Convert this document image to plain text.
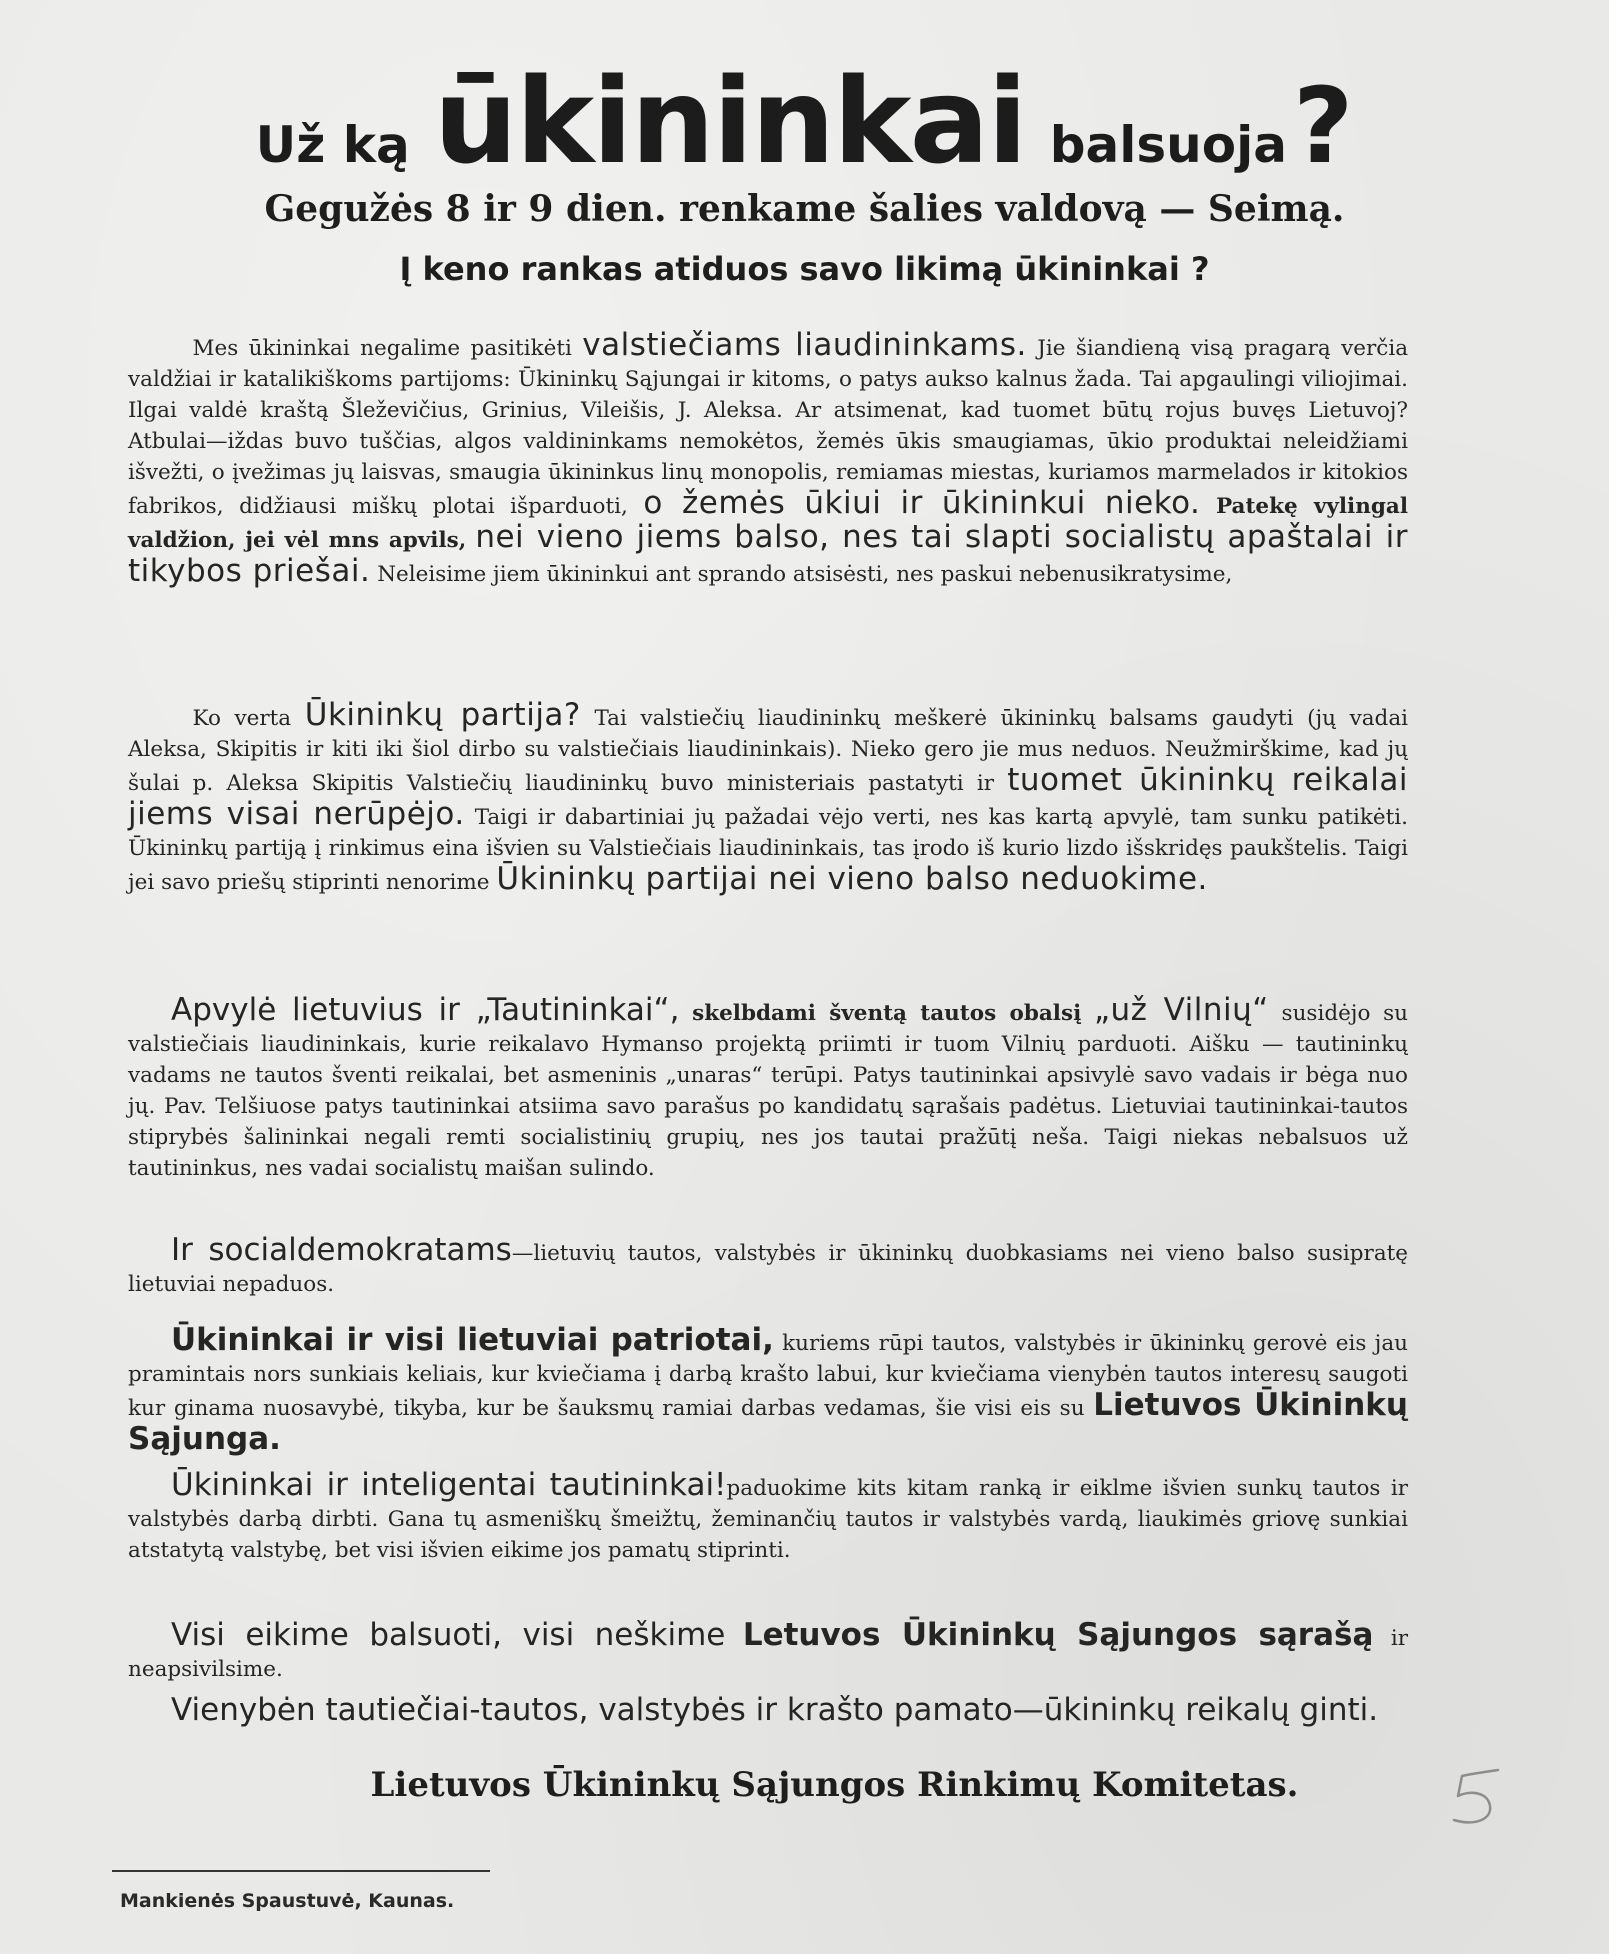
Už ką ūkininkai balsuoja?
Gegužės 8 ir 9 dien. renkame šalies valdovą — Seimą.
Į keno rankas atiduos savo likimą ūkininkai ?
   Mes ūkininkai negalime pasitikėti valstiečiams liaudininkams. Jie šiandieną visą pragarą verčia valdžiai ir katalikiškoms partijoms: Ūkininkų Sąjungai ir kitoms, o patys aukso kalnus žada. Tai apgaulingi viliojimai. Ilgai valdė kraštą Šleževičius, Grinius, Vileišis, J. Aleksa. Ar atsimenat, kad tuomet būtų rojus buvęs Lietuvoj? Atbulai—iždas buvo tuščias, algos valdininkams nemokėtos, žemės ūkis smaugiamas, ūkio produktai neleidžiami išvežti, o įvežimas jų laisvas, smaugia ūkininkus linų monopolis, remiamas miestas, kuriamos marmelados ir kitokios fabrikos, didžiausi miškų plotai išparduoti, o žemės ūkiui ir ūkininkui nieko. Patekę vylingal valdžion, jei vėl mns apvils, nei vieno jiems balso, nes tai slapti socialistų apaštalai ir tikybos priešai. Neleisime jiem ūkininkui ant sprando atsisėsti, nes paskui nebenusikratysime,
   Ko verta Ūkininkų partija? Tai valstiečių liaudininkų meškerė ūkininkų balsams gaudyti (jų vadai Aleksa, Skipitis ir kiti iki šiol dirbo su valstiečiais liaudininkais). Nieko gero jie mus neduos. Neužmirškime, kad jų šulai p. Aleksa Skipitis Valstiečių liaudininkų buvo ministeriais pastatyti ir tuomet ūkininkų reikalai jiems visai nerūpėjo. Taigi ir dabartiniai jų pažadai vėjo verti, nes kas kartą apvylė, tam sunku patikėti. Ūkininkų partiją į rinkimus eina išvien su Valstiečiais liaudininkais, tas įrodo iš kurio lizdo išskridęs paukštelis. Taigi jei savo priešų stiprinti nenorime Ūkininkų partijai nei vieno balso neduokime.
  Apvylė lietuvius ir „Tautininkai“, skelbdami šventą tautos obalsį „už Vilnių“ susidėjo su valstiečiais liaudininkais, kurie reikalavo Hymanso projektą priimti ir tuom Vilnių parduoti. Aišku — tautininkų vadams ne tautos šventi reikalai, bet asmeninis „unaras“ terūpi. Patys tautininkai apsivylė savo vadais ir bėga nuo jų. Pav. Telšiuose patys tautininkai atsiima savo parašus po kandidatų sąrašais padėtus. Lietuviai tautininkai-tautos stiprybės šalininkai negali remti socialistinių grupių, nes jos tautai pražūtį neša. Taigi niekas nebalsuos už tautininkus, nes vadai socialistų maišan sulindo.
  Ir socialdemokratams—lietuvių tautos, valstybės ir ūkininkų duobkasiams nei vieno balso susipratę lietuviai nepaduos.
  Ūkininkai ir visi lietuviai patriotai, kuriems rūpi tautos, valstybės ir ūkininkų gerovė eis jau pramintais nors sunkiais keliais, kur kviečiama į darbą krašto labui, kur kviečiama vienybėn tautos interesų saugoti kur ginama nuosavybė, tikyba, kur be šauksmų ramiai darbas vedamas, šie visi eis su Lietuvos Ūkininkų Sąjunga.
  Ūkininkai ir inteligentai tautininkai!paduokime kits kitam ranką ir eiklme išvien sunkų tautos ir valstybės darbą dirbti. Gana tų asmeniškų šmeižtų, žeminančių tautos ir valstybės vardą, liaukimės griovę sunkiai atstatytą valstybę, bet visi išvien eikime jos pamatų stiprinti.
  Visi eikime balsuoti, visi neškime Letuvos Ūkininkų Sąjungos sąrašą ir neapsivilsime.
  Vienybėn tautiečiai-tautos, valstybės ir krašto pamato—ūkininkų reikalų ginti.
Lietuvos Ūkininkų Sąjungos Rinkimų Komitetas.
Mankienės Spaustuvė, Kaunas.
